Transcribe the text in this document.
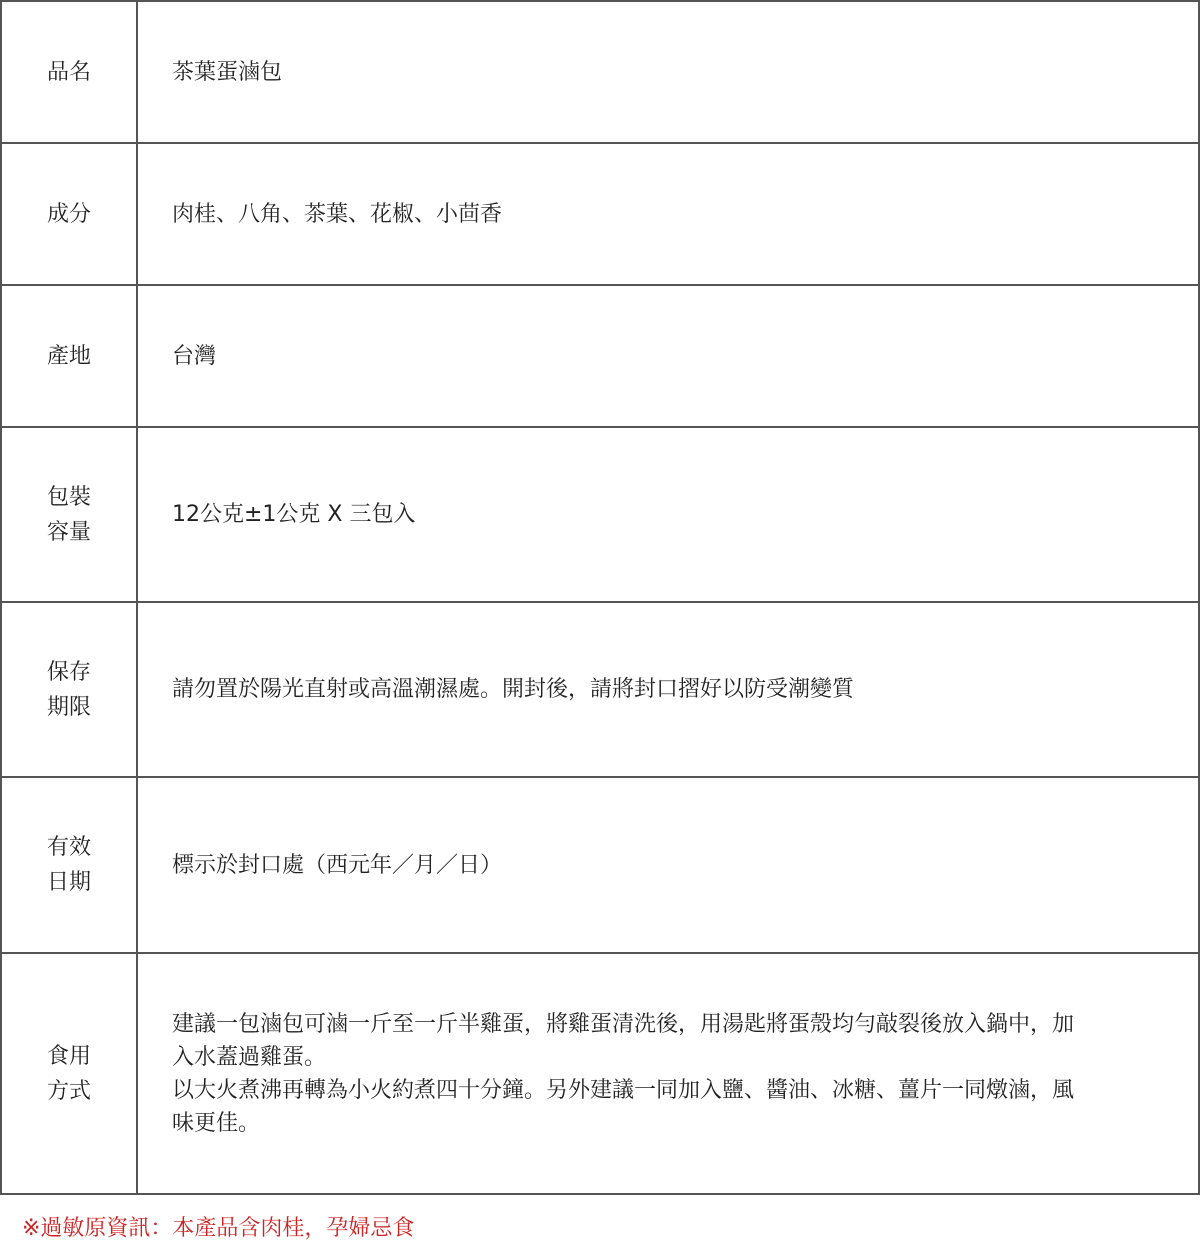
品名	茶葉蛋滷包

成分	肉桂、八角、茶葉、花椒、小茴香

產地	台灣

包裝
容量	12公克±1公克 X 三包入

保存
期限	請勿置於陽光直射或高溫潮濕處。開封後，請將封口摺好以防受潮變質

有效
日期	標示於封口處（西元年／月／日）

食用
方式	建議一包滷包可滷一斤至一斤半雞蛋，將雞蛋清洗後，用湯匙將蛋殼均勻敲裂後放入鍋中，加
入水蓋過雞蛋。
以大火煮沸再轉為小火約煮四十分鐘。另外建議一同加入鹽、醬油、冰糖、薑片一同燉滷，風
味更佳。
※過敏原資訊：本產品含肉桂，孕婦忌食
